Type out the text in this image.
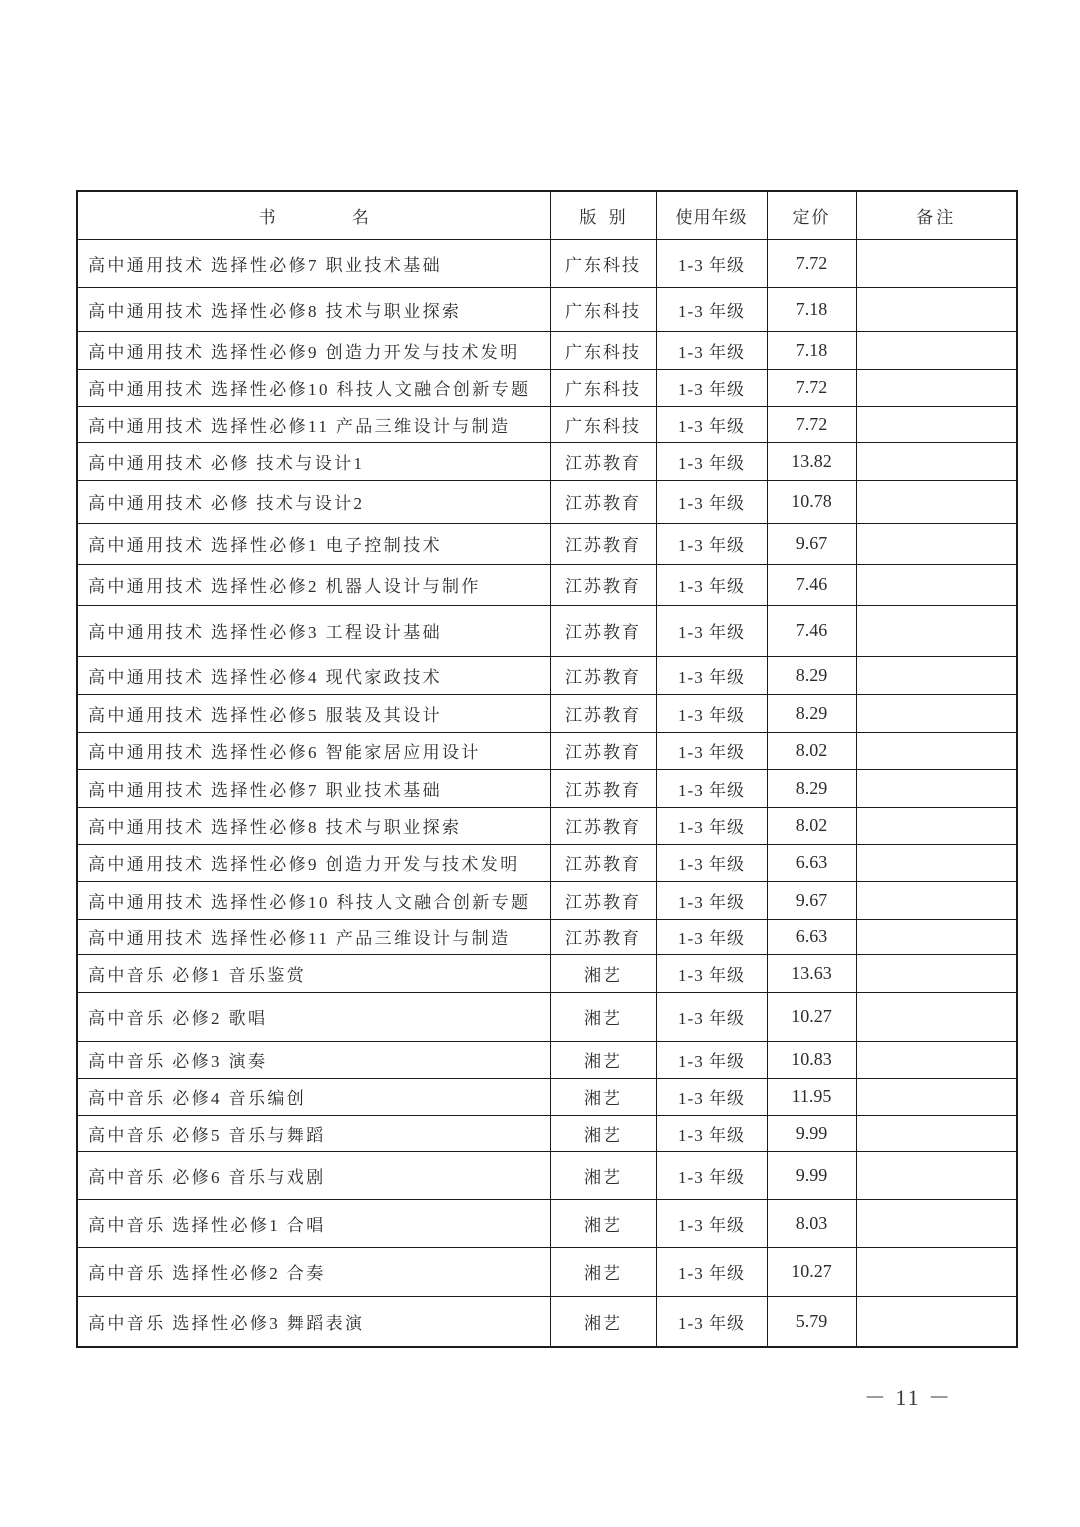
书 名	版 别	使用年级	定价	备注
高中通用技术 选择性必修7 职业技术基础	广东科技	1-3 年级	7.72	
高中通用技术 选择性必修8 技术与职业探索	广东科技	1-3 年级	7.18	
高中通用技术 选择性必修9 创造力开发与技术发明	广东科技	1-3 年级	7.18	
高中通用技术 选择性必修10 科技人文融合创新专题	广东科技	1-3 年级	7.72	
高中通用技术 选择性必修11 产品三维设计与制造	广东科技	1-3 年级	7.72	
高中通用技术 必修 技术与设计1	江苏教育	1-3 年级	13.82	
高中通用技术 必修 技术与设计2	江苏教育	1-3 年级	10.78	
高中通用技术 选择性必修1 电子控制技术	江苏教育	1-3 年级	9.67	
高中通用技术 选择性必修2 机器人设计与制作	江苏教育	1-3 年级	7.46	
高中通用技术 选择性必修3 工程设计基础	江苏教育	1-3 年级	7.46	
高中通用技术 选择性必修4 现代家政技术	江苏教育	1-3 年级	8.29	
高中通用技术 选择性必修5 服装及其设计	江苏教育	1-3 年级	8.29	
高中通用技术 选择性必修6 智能家居应用设计	江苏教育	1-3 年级	8.02	
高中通用技术 选择性必修7 职业技术基础	江苏教育	1-3 年级	8.29	
高中通用技术 选择性必修8 技术与职业探索	江苏教育	1-3 年级	8.02	
高中通用技术 选择性必修9 创造力开发与技术发明	江苏教育	1-3 年级	6.63	
高中通用技术 选择性必修10 科技人文融合创新专题	江苏教育	1-3 年级	9.67	
高中通用技术 选择性必修11 产品三维设计与制造	江苏教育	1-3 年级	6.63	
高中音乐 必修1 音乐鉴赏	湘艺	1-3 年级	13.63	
高中音乐 必修2 歌唱	湘艺	1-3 年级	10.27	
高中音乐 必修3 演奏	湘艺	1-3 年级	10.83	
高中音乐 必修4 音乐编创	湘艺	1-3 年级	11.95	
高中音乐 必修5 音乐与舞蹈	湘艺	1-3 年级	9.99	
高中音乐 必修6 音乐与戏剧	湘艺	1-3 年级	9.99	
高中音乐 选择性必修1 合唱	湘艺	1-3 年级	8.03	
高中音乐 选择性必修2 合奏	湘艺	1-3 年级	10.27	
高中音乐 选择性必修3 舞蹈表演	湘艺	1-3 年级	5.79	
－ 11 －
